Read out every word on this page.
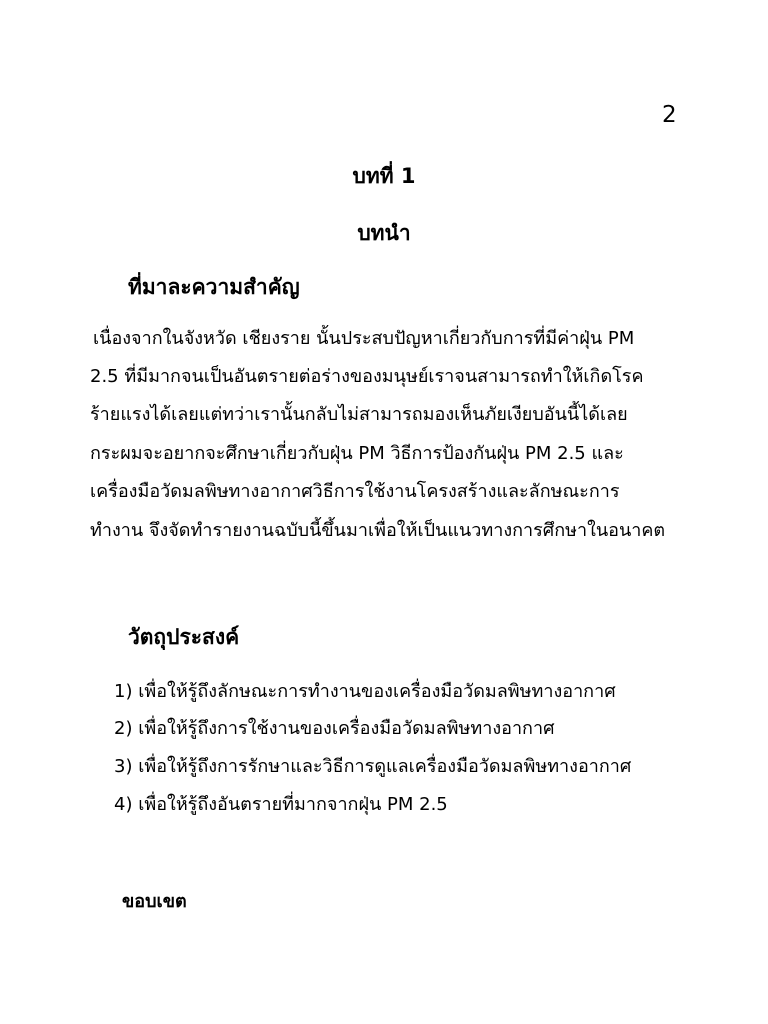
2
บทที่ 1
บทนำ
ที่มาละความสำคัญ
เนื่องจากในจังหวัด เชียงราย นั้นประสบปัญหาเกี่ยวกับการที่มีค่าฝุ่น PM
2.5 ที่มีมากจนเป็นอันตรายต่อร่างของมนุษย์เราจนสามารถทำให้เกิดโรค
ร้ายแรงได้เลยแต่ทว่าเรานั้นกลับไม่สามารถมองเห็นภัยเงียบอันนี้ได้เลย
กระผมจะอยากจะศึกษาเกี่ยวกับฝุ่น PM วิธีการป้องกันฝุ่น PM 2.5 และ
เครื่องมือวัดมลพิษทางอากาศวิธีการใช้งานโครงสร้างและลักษณะการ
ทำงาน จึงจัดทำรายงานฉบับนี้ขึ้นมาเพื่อให้เป็นแนวทางการศึกษาในอนาคต
วัตถุประสงค์
1) เพื่อให้รู้ถึงลักษณะการทำงานของเครื่องมือวัดมลพิษทางอากาศ
2) เพื่อให้รู้ถึงการใช้งานของเครื่องมือวัดมลพิษทางอากาศ
3) เพื่อให้รู้ถึงการรักษาและวิธีการดูแลเครื่องมือวัดมลพิษทางอากาศ
4) เพื่อให้รู้ถึงอันตรายที่มากจากฝุ่น PM 2.5
ขอบเขต
